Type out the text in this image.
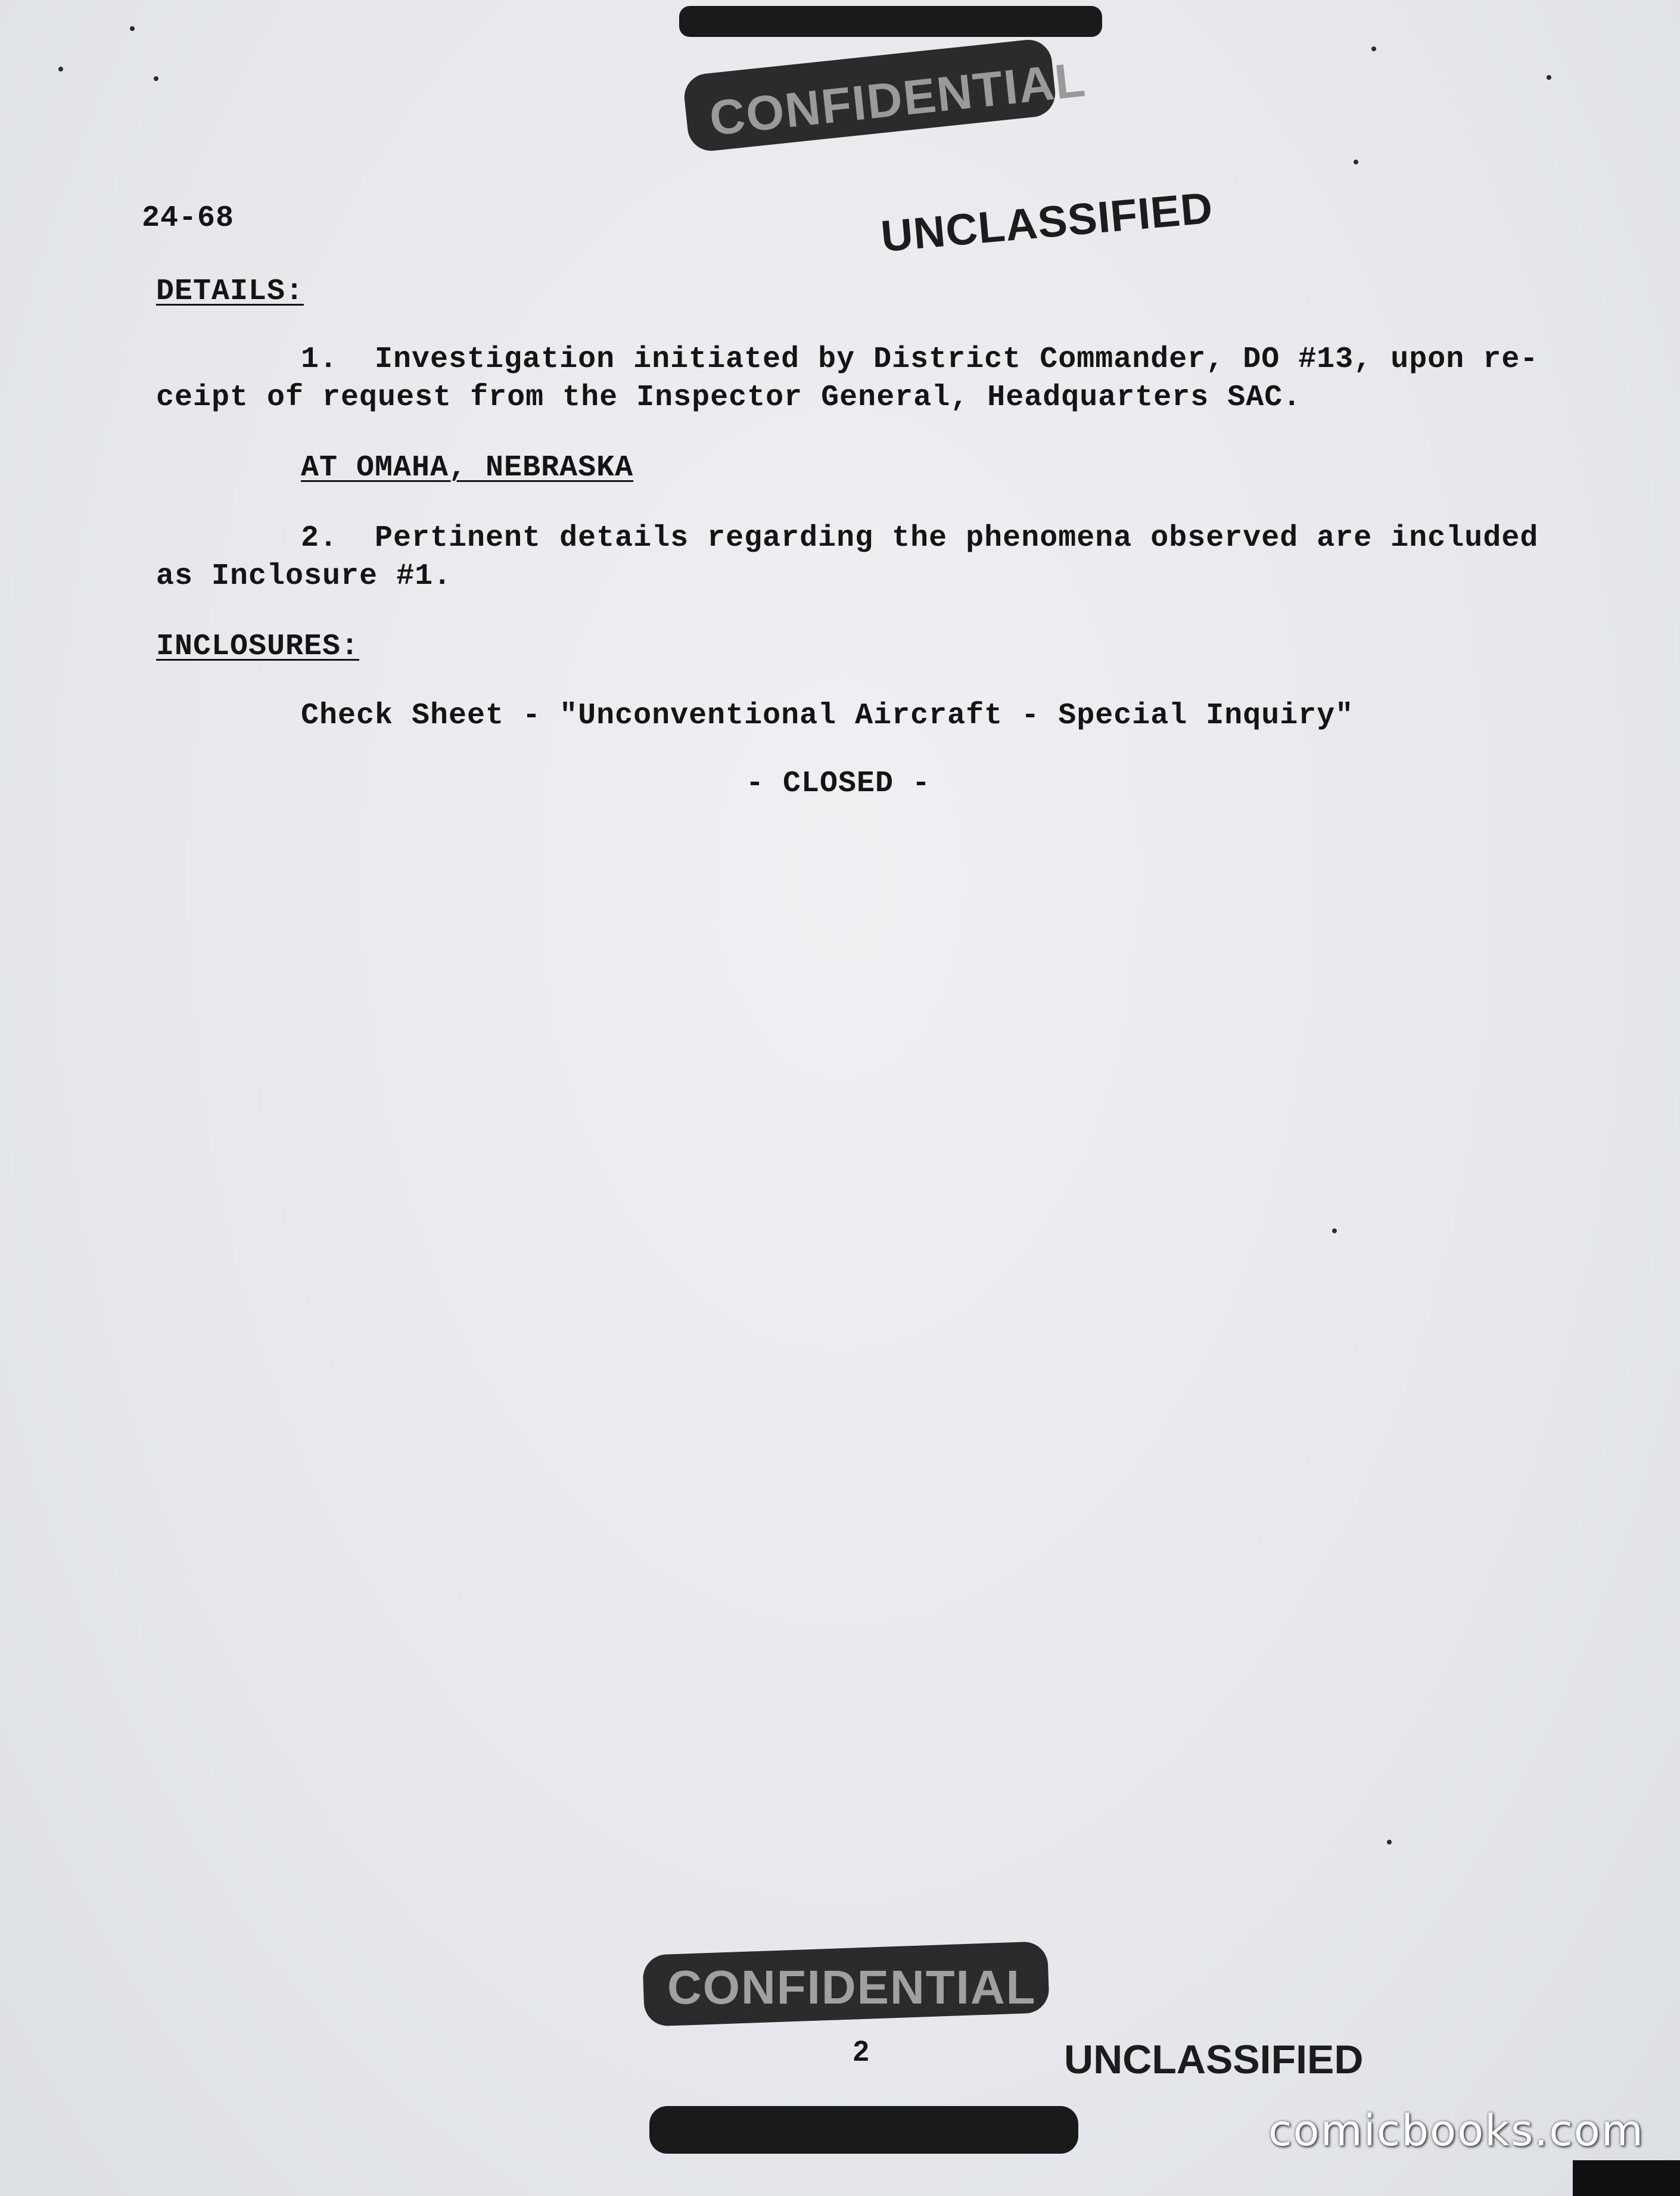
CONFIDENTIAL
24-68	UNCLASSIFIED
DETAILS:
1.  Investigation initiated by District Commander, DO #13, upon re-
ceipt of request from the Inspector General, Headquarters SAC.
AT OMAHA, NEBRASKA
2.  Pertinent details regarding the phenomena observed are included
as Inclosure #1.
INCLOSURES:
Check Sheet - "Unconventional Aircraft - Special Inquiry"
- CLOSED -
CONFIDENTIAL
2	UNCLASSIFIED
comicbooks.com
